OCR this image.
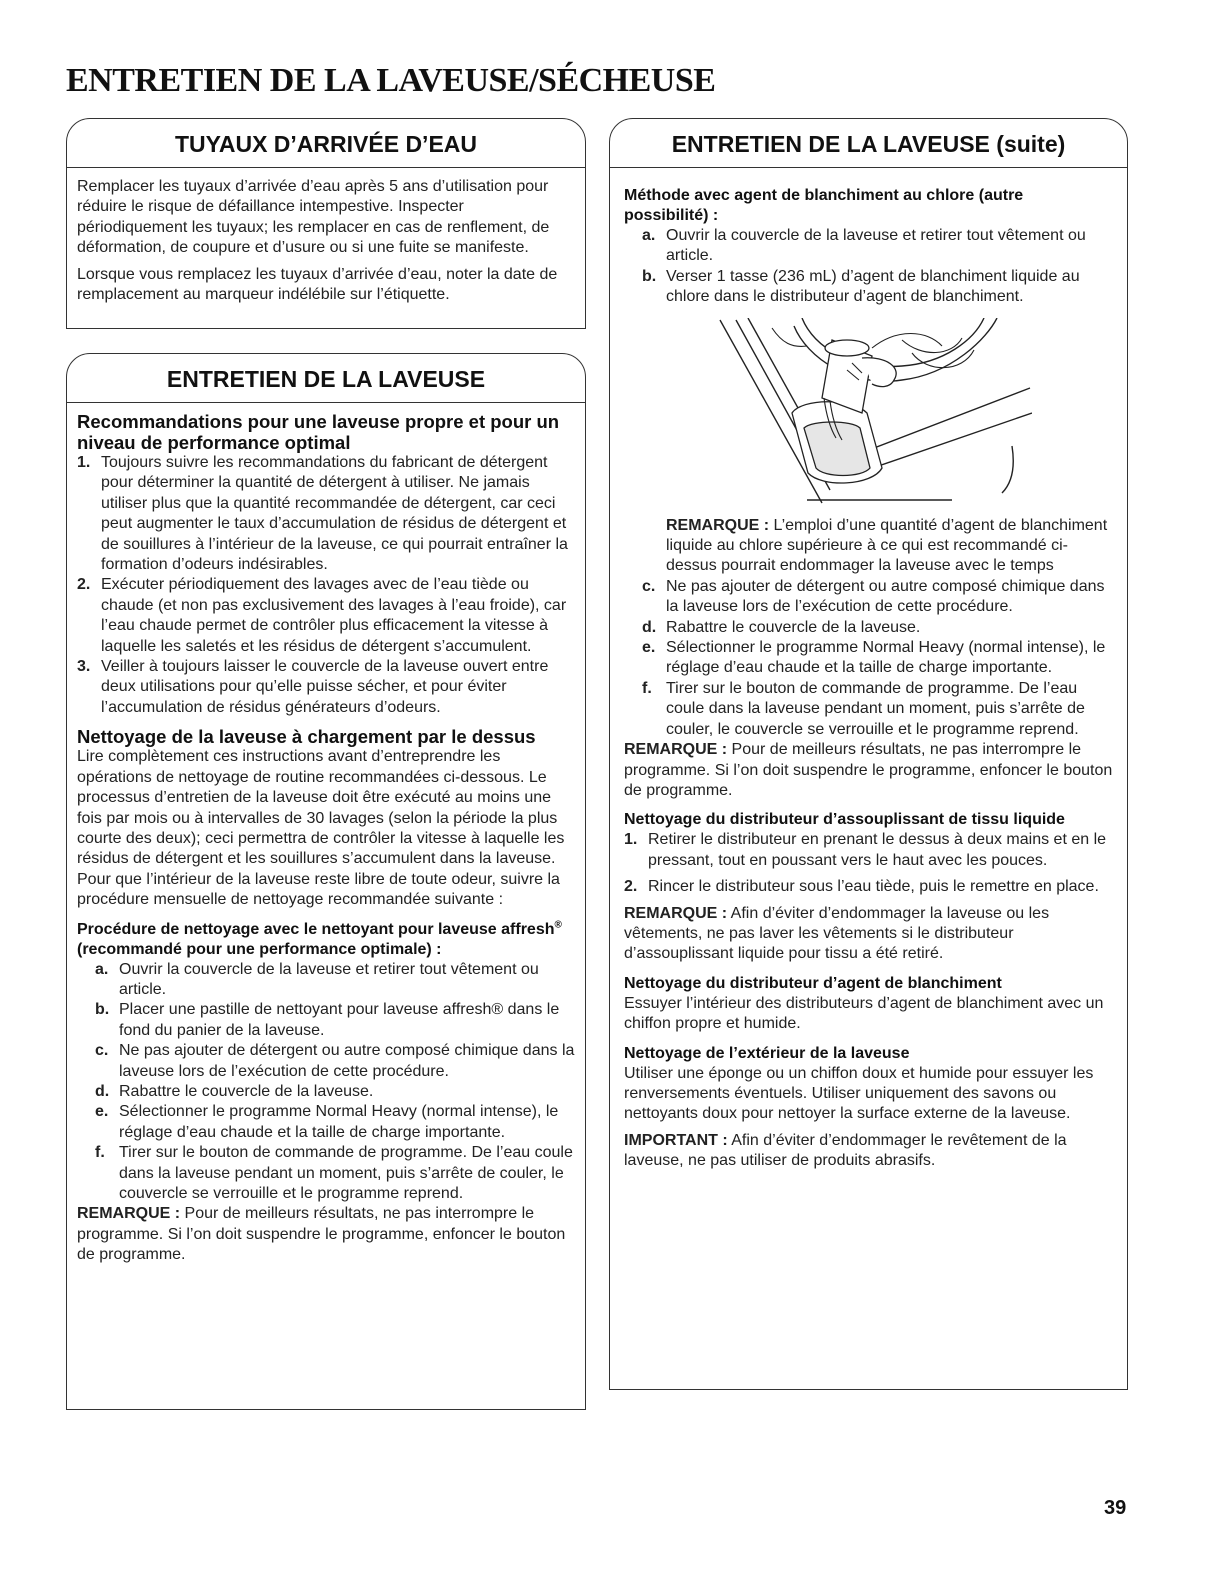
ENTRETIEN DE LA LAVEUSE/SÉCHEUSE
TUYAUX D’ARRIVÉE D’EAU

Remplacer les tuyaux d’arrivée d’eau après 5 ans d’utilisation pour réduire le risque de défaillance intempestive. Inspecter périodiquement les tuyaux; les remplacer en cas de renflement, de déformation, de coupure et d’usure ou si une fuite se manifeste.

Lorsque vous remplacez les tuyaux d’arrivée d’eau, noter la date de remplacement au marqueur indélébile sur l’étiquette.

ENTRETIEN DE LA LAVEUSE

Recommandations pour une laveuse propre et pour un niveau de performance optimal

1. Toujours suivre les recommandations du fabricant de détergent pour déterminer la quantité de détergent à utiliser. Ne jamais utiliser plus que la quantité recommandée de détergent, car ceci peut augmenter le taux d’accumulation de résidus de détergent et de souillures à l’intérieur de la laveuse, ce qui pourrait entraîner la formation d’odeurs indésirables.
2. Exécuter périodiquement des lavages avec de l’eau tiède ou chaude (et non pas exclusivement des lavages à l’eau froide), car l’eau chaude permet de contrôler plus efficacement la vitesse à laquelle les saletés et les résidus de détergent s’accumulent.
3. Veiller à toujours laisser le couvercle de la laveuse ouvert entre deux utilisations pour qu’elle puisse sécher, et pour éviter l’accumulation de résidus générateurs d’odeurs.

Nettoyage de la laveuse à chargement par le dessus

Lire complètement ces instructions avant d’entreprendre les opérations de nettoyage de routine recommandées ci-dessous. Le processus d’entretien de la laveuse doit être exécuté au moins une fois par mois ou à intervalles de 30 lavages (selon la période la plus courte des deux); ceci permettra de contrôler la vitesse à laquelle les résidus de détergent et les souillures s’accumulent dans la laveuse. Pour que l’intérieur de la laveuse reste libre de toute odeur, suivre la procédure mensuelle de nettoyage recommandée suivante :

Procédure de nettoyage avec le nettoyant pour laveuse affresh® (recommandé pour une performance optimale) :

a. Ouvrir la couvercle de la laveuse et retirer tout vêtement ou article.
b. Placer une pastille de nettoyant pour laveuse affresh® dans le fond du panier de la laveuse.
c. Ne pas ajouter de détergent ou autre composé chimique dans la laveuse lors de l’exécution de cette procédure.
d. Rabattre le couvercle de la laveuse.
e. Sélectionner le programme Normal Heavy (normal intense), le réglage d’eau chaude et la taille de charge importante.
f. Tirer sur le bouton de commande de programme. De l’eau coule dans la laveuse pendant un moment, puis s’arrête de couler, le couvercle se verrouille et le programme reprend.

REMARQUE : Pour de meilleurs résultats, ne pas interrompre le programme. Si l’on doit suspendre le programme, enfoncer le bouton de programme.

ENTRETIEN DE LA LAVEUSE (suite)

Méthode avec agent de blanchiment au chlore (autre possibilité) :

a. Ouvrir la couvercle de la laveuse et retirer tout vêtement ou article.
b. Verser 1 tasse (236 mL) d’agent de blanchiment liquide au chlore dans le distributeur d’agent de blanchiment.

REMARQUE : L’emploi d’une quantité d’agent de blanchiment liquide au chlore supérieure à ce qui est recommandé ci-dessus pourrait endommager la laveuse avec le temps

c. Ne pas ajouter de détergent ou autre composé chimique dans la laveuse lors de l’exécution de cette procédure.
d. Rabattre le couvercle de la laveuse.
e. Sélectionner le programme Normal Heavy (normal intense), le réglage d’eau chaude et la taille de charge importante.
f. Tirer sur le bouton de commande de programme. De l’eau coule dans la laveuse pendant un moment, puis s’arrête de couler, le couvercle se verrouille et le programme reprend.

REMARQUE : Pour de meilleurs résultats, ne pas interrompre le programme. Si l’on doit suspendre le programme, enfoncer le bouton de programme.

Nettoyage du distributeur d’assouplissant de tissu liquide

1. Retirer le distributeur en prenant le dessus à deux mains et en le pressant, tout en poussant vers le haut avec les pouces.
2. Rincer le distributeur sous l’eau tiède, puis le remettre en place.

REMARQUE : Afin d’éviter d’endommager la laveuse ou les vêtements, ne pas laver les vêtements si le distributeur d’assouplissant liquide pour tissu a été retiré.

Nettoyage du distributeur d’agent de blanchiment

Essuyer l’intérieur des distributeurs d’agent de blanchiment avec un chiffon propre et humide.

Nettoyage de l’extérieur de la laveuse

Utiliser une éponge ou un chiffon doux et humide pour essuyer les renversements éventuels. Utiliser uniquement des savons ou nettoyants doux pour nettoyer la surface externe de la laveuse.

IMPORTANT : Afin d’éviter d’endommager le revêtement de la laveuse, ne pas utiliser de produits abrasifs.

39
